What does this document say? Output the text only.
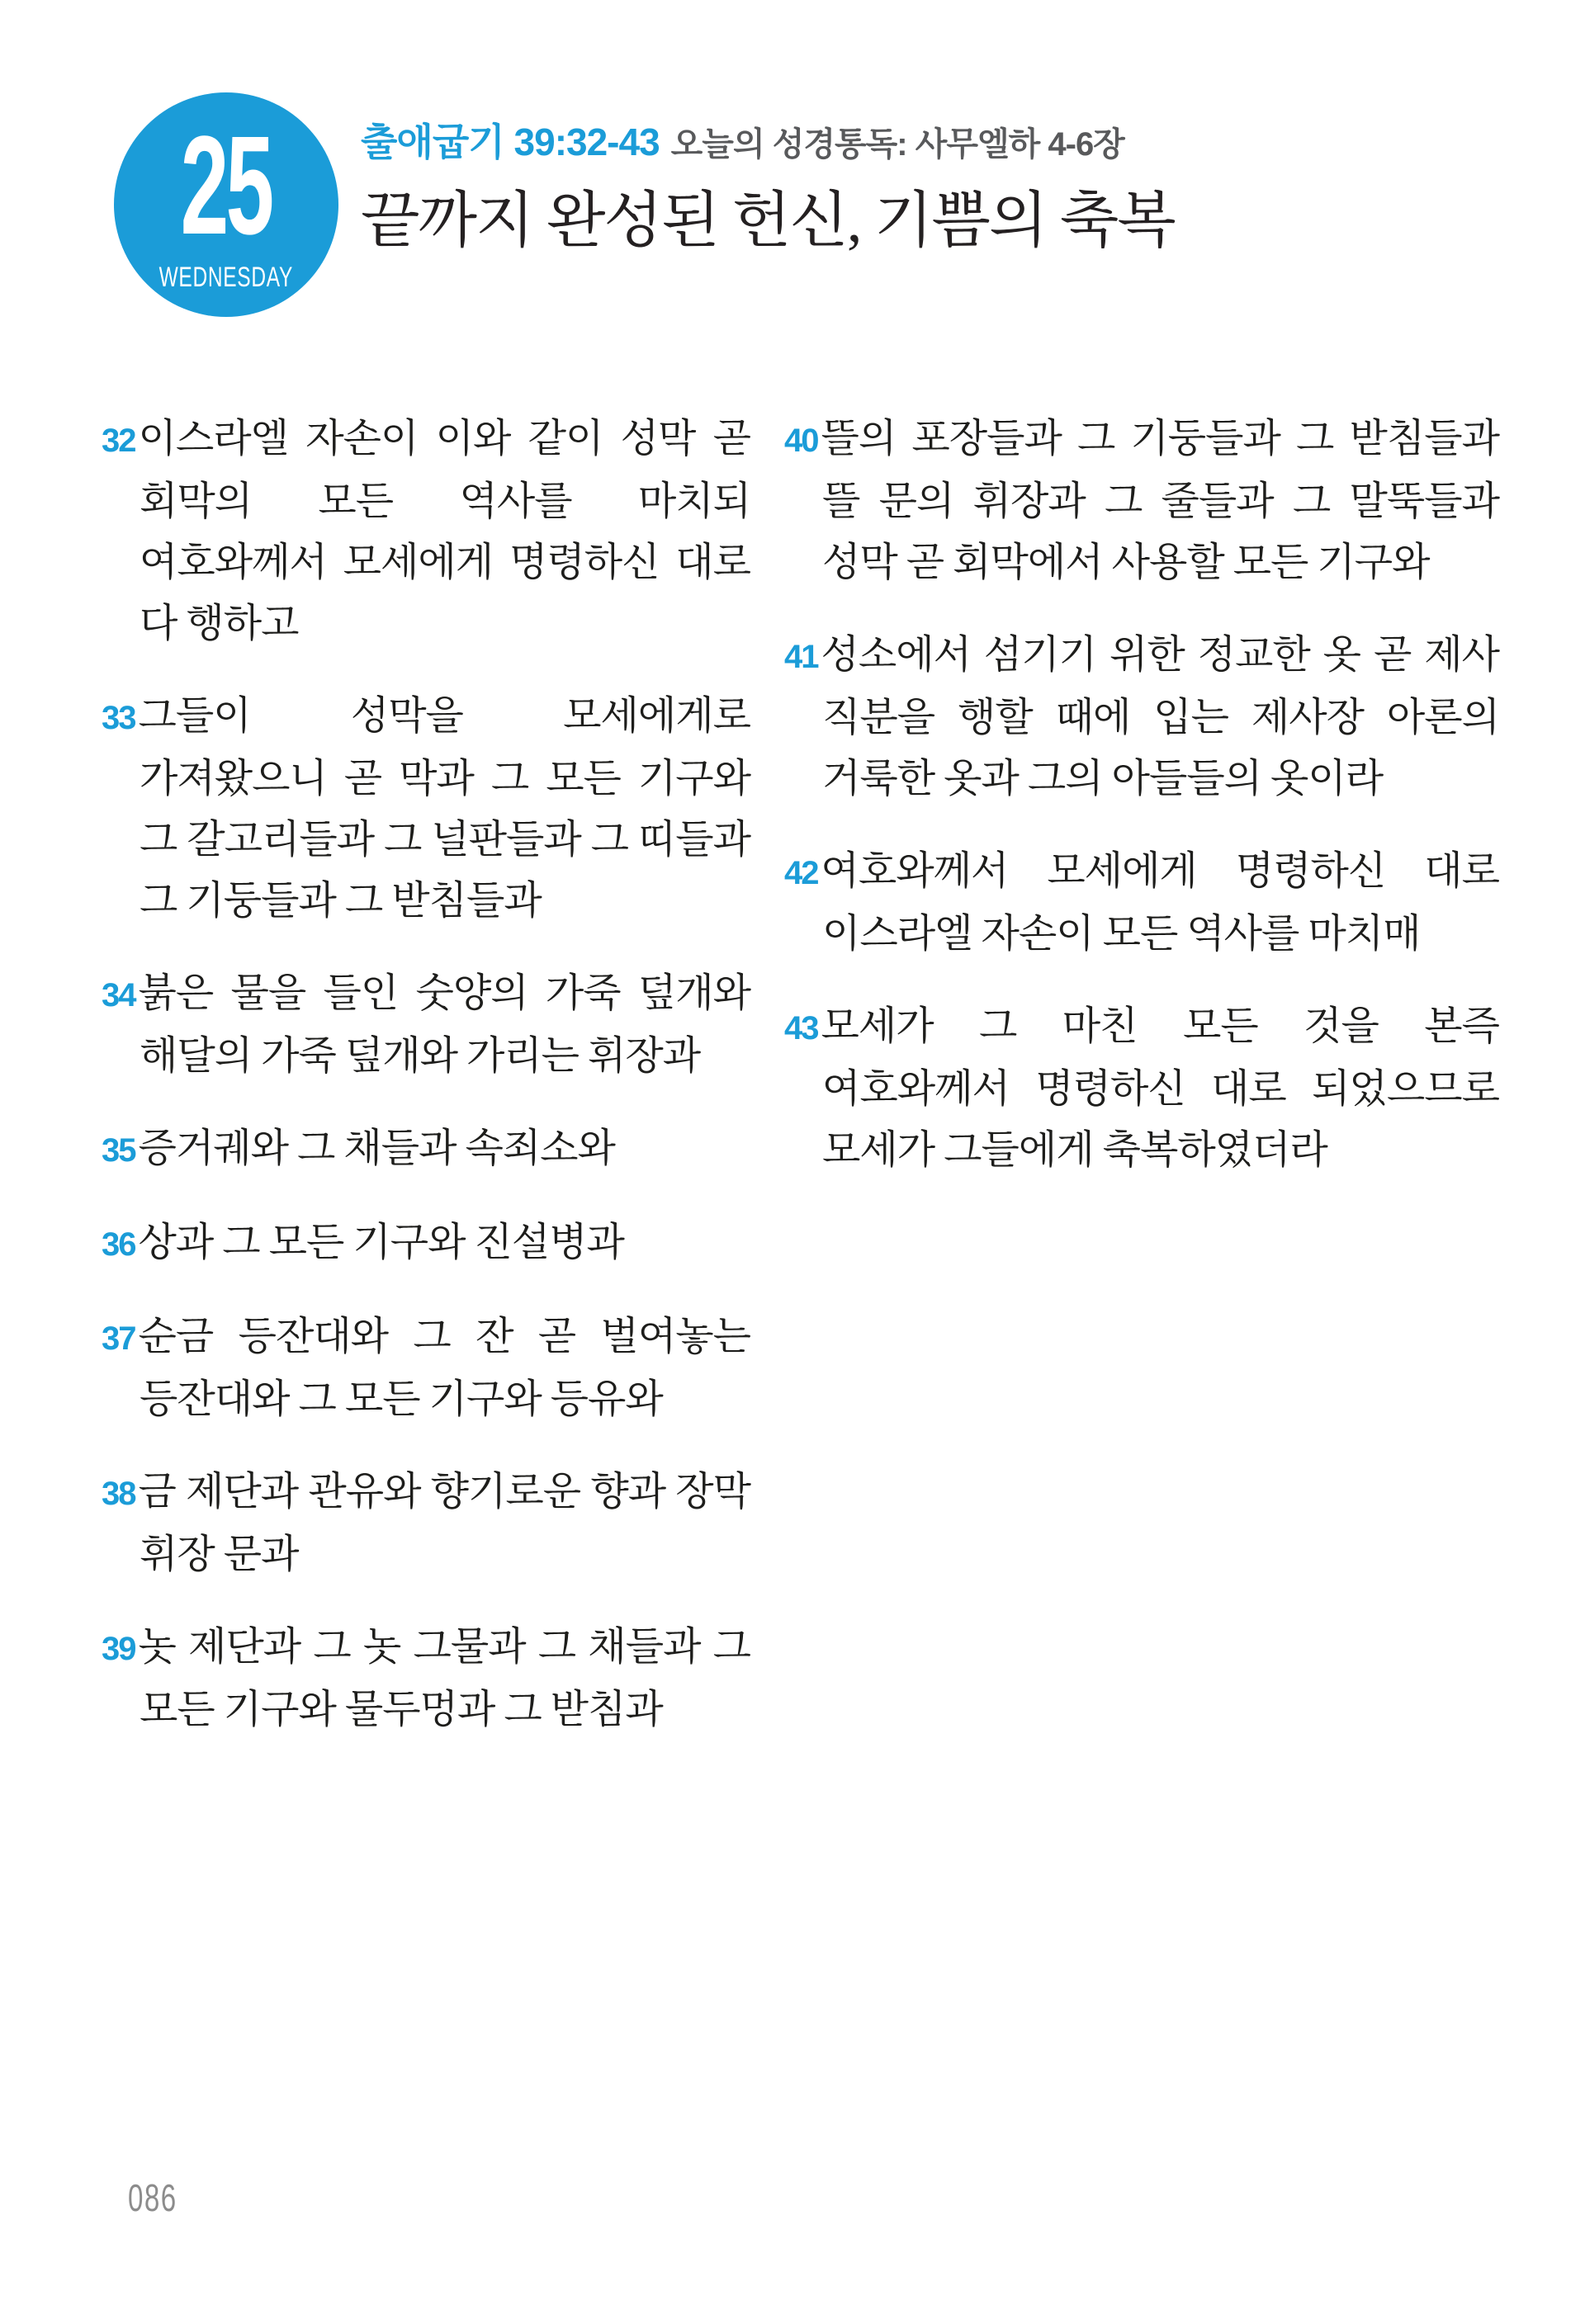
25
WEDNESDAY
출애굽기 39:32-43 오늘의 성경통독: 사무엘하 4-6장
끝까지 완성된 헌신, 기쁨의 축복

32이스라엘 자손이 이와 같이 성막 곧 회막의 모든 역사를 마치되 여호와께서 모세에게 명령하신 대로 다 행하고

33그들이 성막을 모세에게로 가져왔으니 곧 막과 그 모든 기구와 그 갈고리들과 그 널판들과 그 띠들과 그 기둥들과 그 받침들과

34붉은 물을 들인 숫양의 가죽 덮개와 해달의 가죽 덮개와 가리는 휘장과

35증거궤와 그 채들과 속죄소와

36상과 그 모든 기구와 진설병과

37순금 등잔대와 그 잔 곧 벌여놓는 등잔대와 그 모든 기구와 등유와

38금 제단과 관유와 향기로운 향과 장막 휘장 문과

39놋 제단과 그 놋 그물과 그 채들과 그 모든 기구와 물두멍과 그 받침과

40뜰의 포장들과 그 기둥들과 그 받침들과 뜰 문의 휘장과 그 줄들과 그 말뚝들과 성막 곧 회막에서 사용할 모든 기구와

41성소에서 섬기기 위한 정교한 옷 곧 제사 직분을 행할 때에 입는 제사장 아론의 거룩한 옷과 그의 아들들의 옷이라

42여호와께서 모세에게 명령하신 대로 이스라엘 자손이 모든 역사를 마치매

43모세가 그 마친 모든 것을 본즉 여호와께서 명령하신 대로 되었으므로 모세가 그들에게 축복하였더라

086
